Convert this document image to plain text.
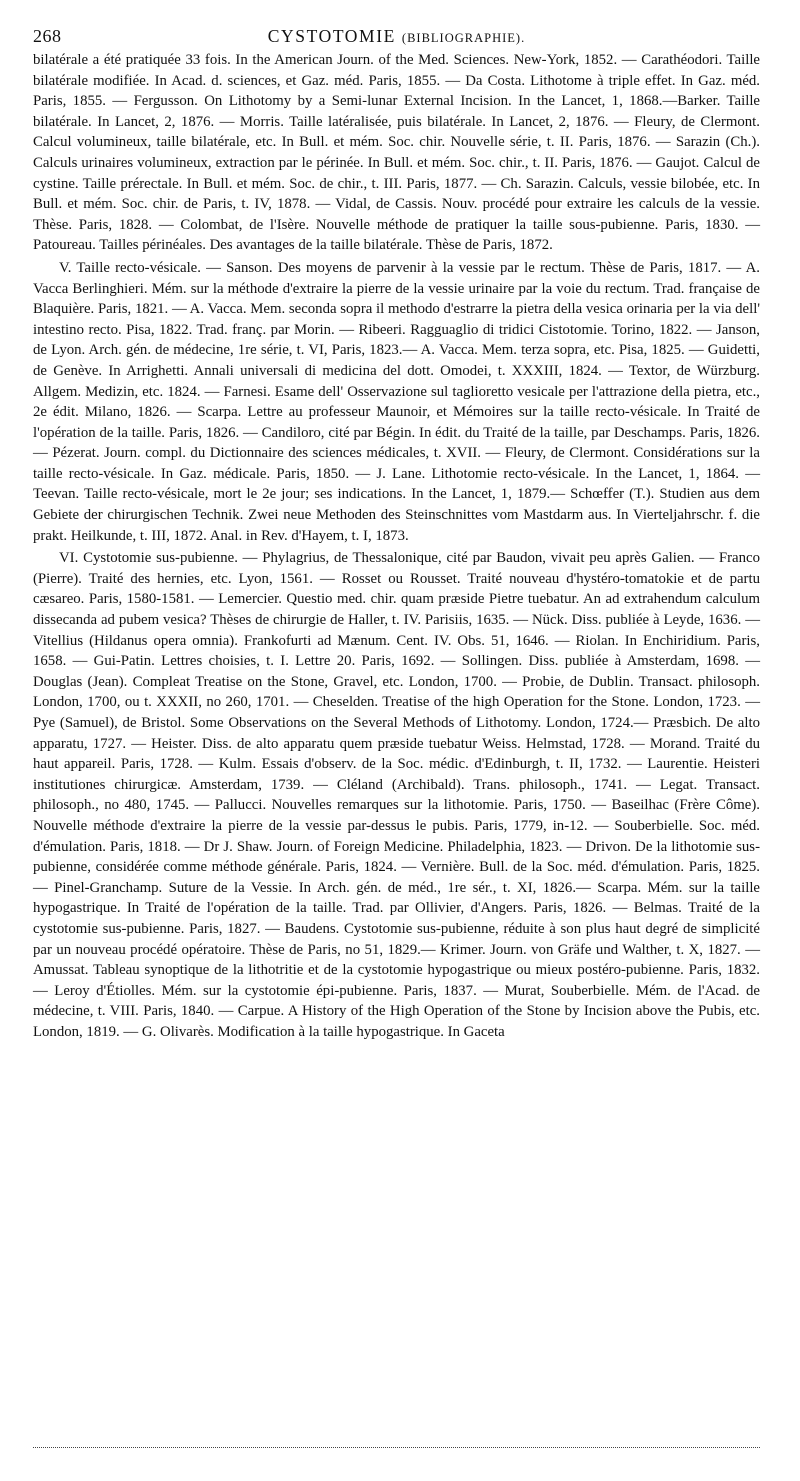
268	CYSTOTOMIE (BIBLIOGRAPHIE).

bilatérale a été pratiquée 33 fois. In the American Journ. of the Med. Sciences. New-York, 1852. — Carathéodori. Taille bilatérale modifiée. In Acad. d. sciences, et Gaz. méd. Paris, 1855. — Da Costa. Lithotome à triple effet. In Gaz. méd. Paris, 1855. — Fergusson. On Lithotomy by a Semi-lunar External Incision. In the Lancet, 1, 1868.—Barker. Taille bilatérale. In Lancet, 2, 1876. — Morris. Taille latéralisée, puis bilatérale. In Lancet, 2, 1876. — Fleury, de Clermont. Calcul volumineux, taille bilatérale, etc. In Bull. et mém. Soc. chir. Nouvelle série, t. II. Paris, 1876. — Sarazin (Ch.). Calculs urinaires volumineux, extraction par le périnée. In Bull. et mém. Soc. chir., t. II. Paris, 1876. — Gaujot. Calcul de cystine. Taille prérectale. In Bull. et mém. Soc. de chir., t. III. Paris, 1877. — Ch. Sarazin. Calculs, vessie bilobée, etc. In Bull. et mém. Soc. chir. de Paris, t. IV, 1878. — Vidal, de Cassis. Nouv. procédé pour extraire les calculs de la vessie. Thèse. Paris, 1828. — Colombat, de l'Isère. Nouvelle méthode de pratiquer la taille sous-pubienne. Paris, 1830. — Patoureau. Tailles périnéales. Des avantages de la taille bilatérale. Thèse de Paris, 1872.

V. Taille recto-vésicale. — Sanson. Des moyens de parvenir à la vessie par le rectum. Thèse de Paris, 1817. — A. Vacca Berlinghieri. Mém. sur la méthode d'extraire la pierre de la vessie urinaire par la voie du rectum. Trad. française de Blaquière. Paris, 1821. — A. Vacca. Mem. seconda sopra il methodo d'estrarre la pietra della vesica orinaria per la via dell' intestino recto. Pisa, 1822. Trad. franç. par Morin. — Ribeeri. Ragguaglio di tridici Cistotomie. Torino, 1822. — Janson, de Lyon. Arch. gén. de médecine, 1re série, t. VI, Paris, 1823.— A. Vacca. Mem. terza sopra, etc. Pisa, 1825. — Guidetti, de Genève. In Arrighetti. Annali universali di medicina del dott. Omodei, t. XXXIII, 1824. — Textor, de Würzburg. Allgem. Medizin, etc. 1824. — Farnesi. Esame dell' Osservazione sul taglioretto vesicale per l'attrazione della pietra, etc., 2e édit. Milano, 1826. — Scarpa. Lettre au professeur Maunoir, et Mémoires sur la taille recto-vésicale. In Traité de l'opération de la taille. Paris, 1826. — Candiloro, cité par Bégin. In édit. du Traité de la taille, par Deschamps. Paris, 1826. — Pézerat. Journ. compl. du Dictionnaire des sciences médicales, t. XVII. — Fleury, de Clermont. Considérations sur la taille recto-vésicale. In Gaz. médicale. Paris, 1850. — J. Lane. Lithotomie recto-vésicale. In the Lancet, 1, 1864. — Teevan. Taille recto-vésicale, mort le 2e jour; ses indications. In the Lancet, 1, 1879.— Schœffer (T.). Studien aus dem Gebiete der chirurgischen Technik. Zwei neue Methoden des Steinschnittes vom Mastdarm aus. In Vierteljahrschr. f. die prakt. Heilkunde, t. III, 1872. Anal. in Rev. d'Hayem, t. I, 1873.

VI. Cystotomie sus-pubienne. — Phylagrius, de Thessalonique, cité par Baudon, vivait peu après Galien. — Franco (Pierre). Traité des hernies, etc. Lyon, 1561. — Rosset ou Rousset. Traité nouveau d'hystéro-tomatokie et de partu cæsareo. Paris, 1580-1581. — Lemercier. Questio med. chir. quam præside Pietre tuebatur. An ad extrahendum calculum dissecanda ad pubem vesica? Thèses de chirurgie de Haller, t. IV. Parisiis, 1635. — Nück. Diss. publiée à Leyde, 1636. — Vitellius (Hildanus opera omnia). Frankofurti ad Mænum. Cent. IV. Obs. 51, 1646. — Riolan. In Enchiridium. Paris, 1658. — Gui-Patin. Lettres choisies, t. I. Lettre 20. Paris, 1692. — Sollingen. Diss. publiée à Amsterdam, 1698. — Douglas (Jean). Compleat Treatise on the Stone, Gravel, etc. London, 1700. — Probie, de Dublin. Transact. philosoph. London, 1700, ou t. XXXII, no 260, 1701. — Cheselden. Treatise of the high Operation for the Stone. London, 1723. — Pye (Samuel), de Bristol. Some Observations on the Several Methods of Lithotomy. London, 1724.— Præsbich. De alto apparatu, 1727. — Heister. Diss. de alto apparatu quem præside tuebatur Weiss. Helmstad, 1728. — Morand. Traité du haut appareil. Paris, 1728. — Kulm. Essais d'observ. de la Soc. médic. d'Edinburgh, t. II, 1732. — Laurentie. Heisteri institutiones chirurgicæ. Amsterdam, 1739. — Cléland (Archibald). Trans. philosoph., 1741. — Legat. Transact. philosoph., no 480, 1745. — Pallucci. Nouvelles remarques sur la lithotomie. Paris, 1750. — Baseilhac (Frère Côme). Nouvelle méthode d'extraire la pierre de la vessie par-dessus le pubis. Paris, 1779, in-12. — Souberbielle. Soc. méd. d'émulation. Paris, 1818. — Dr J. Shaw. Journ. of Foreign Medicine. Philadelphia, 1823. — Drivon. De la lithotomie sus-pubienne, considérée comme méthode générale. Paris, 1824. — Vernière. Bull. de la Soc. méd. d'émulation. Paris, 1825. — Pinel-Granchamp. Suture de la Vessie. In Arch. gén. de méd., 1re sér., t. XI, 1826.— Scarpa. Mém. sur la taille hypogastrique. In Traité de l'opération de la taille. Trad. par Ollivier, d'Angers. Paris, 1826. — Belmas. Traité de la cystotomie sus-pubienne. Paris, 1827. — Baudens. Cystotomie sus-pubienne, réduite à son plus haut degré de simplicité par un nouveau procédé opératoire. Thèse de Paris, no 51, 1829.— Krimer. Journ. von Gräfe und Walther, t. X, 1827. — Amussat. Tableau synoptique de la lithotritie et de la cystotomie hypogastrique ou mieux postéro-pubienne. Paris, 1832. — Leroy d'Étiolles. Mém. sur la cystotomie épi-pubienne. Paris, 1837. — Murat, Souberbielle. Mém. de l'Acad. de médecine, t. VIII. Paris, 1840. — Carpue. A History of the High Operation of the Stone by Incision above the Pubis, etc. London, 1819. — G. Olivarès. Modification à la taille hypogastrique. In Gaceta
